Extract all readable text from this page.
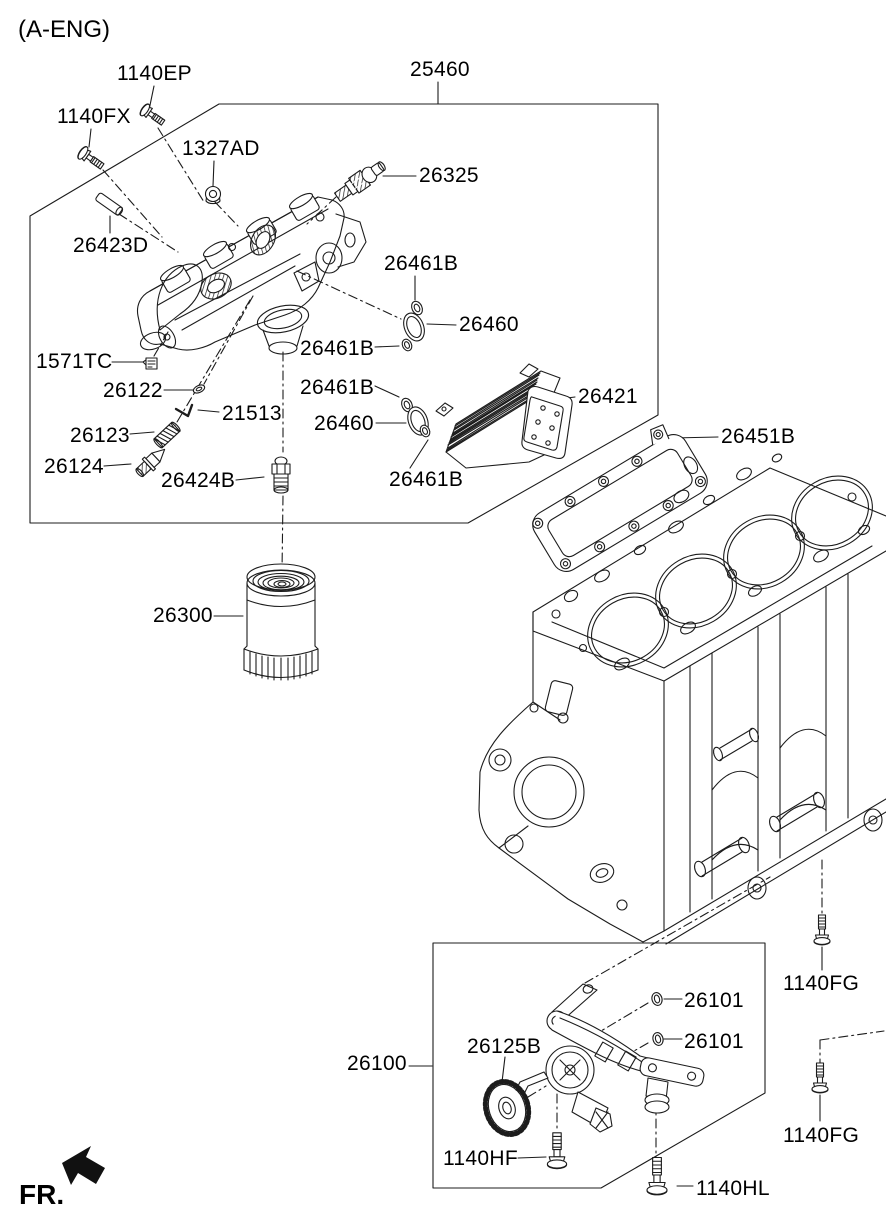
(A-ENG)
FR.
1140EP
1140FX
1327AD
25460
26325
26423D
26461B
26460
26461B
1571TC
26122	26461B
21513 26460
26123
26124
26424B	26461B
26421
26451B
26300
26100
26125B
26101
26101
1140HF
1140HL
1140FG
1140FG
